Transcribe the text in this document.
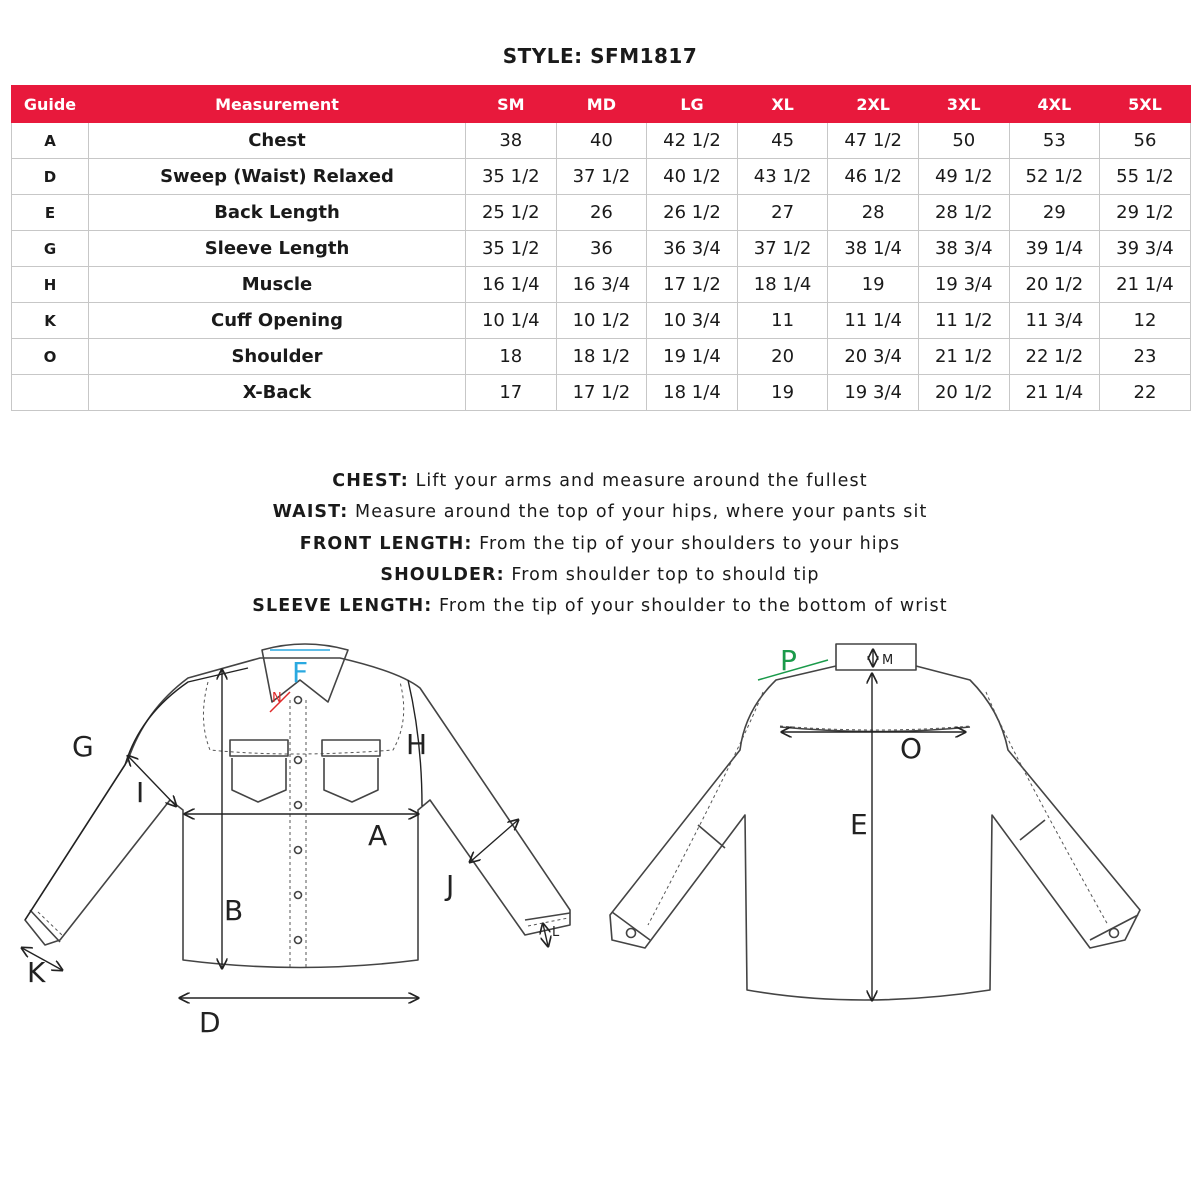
STYLE: SFM1817
Guide	Measurement	SM	MD	LG	XL	2XL	3XL	4XL	5XL
A	Chest	38	40	42 1/2	45	47 1/2	50	53	56
D	Sweep (Waist) Relaxed	35 1/2	37 1/2	40 1/2	43 1/2	46 1/2	49 1/2	52 1/2	55 1/2
E	Back Length	25 1/2	26	26 1/2	27	28	28 1/2	29	29 1/2
G	Sleeve Length	35 1/2	36	36 3/4	37 1/2	38 1/4	38 3/4	39 1/4	39 3/4
H	Muscle	16 1/4	16 3/4	17 1/2	18 1/4	19	19 3/4	20 1/2	21 1/4
K	Cuff Opening	10 1/4	10 1/2	10 3/4	11	11 1/4	11 1/2	11 3/4	12
O	Shoulder	18	18 1/2	19 1/4	20	20 3/4	21 1/2	22 1/2	23
	X-Back	17	17 1/2	18 1/4	19	19 3/4	20 1/2	21 1/4	22
CHEST: Lift your arms and measure around the fullest
WAIST: Measure around the top of your hips, where your pants sit
FRONT LENGTH: From the tip of your shoulders to your hips
SHOULDER: From shoulder top to should tip
SLEEVE LENGTH: From the tip of your shoulder to the bottom of wrist
G
I
H
A
B
J
K
D
F
N
L
P	M
O
E
